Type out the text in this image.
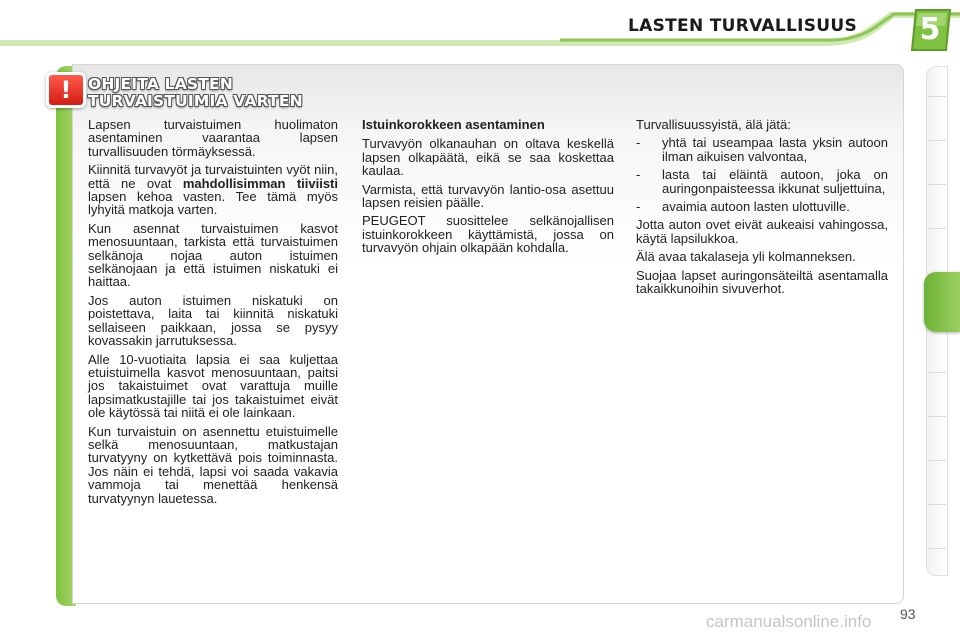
LASTEN TURVALLISUUS 5
!	OHJEITA LASTEN
TURVAISTUIMIA VARTEN

Lapsen turvaistuimen huolimaton asentaminen vaarantaa lapsen turvallisuuden törmäyksessä.

Kiinnitä turvavyöt ja turvaistuinten vyöt niin, että ne ovat mahdollisimman tiiviisti lapsen kehoa vasten. Tee tämä myös lyhyitä matkoja varten.

Kun asennat turvaistuimen kasvot menosuuntaan, tarkista että turvaistuimen selkänoja nojaa auton istuimen selkänojaan ja että istuimen niskatuki ei haittaa.

Jos auton istuimen niskatuki on poistettava, laita tai kiinnitä niskatuki sellaiseen paikkaan, jossa se pysyy kovassakin jarrutuksessa.

Alle 10-vuotiaita lapsia ei saa kuljettaa etuistuimella kasvot menosuuntaan, paitsi jos takaistuimet ovat varattuja muille lapsimatkustajille tai jos takaistuimet eivät ole käytössä tai niitä ei ole lainkaan.

Kun turvaistuin on asennettu etuistuimelle selkä menosuuntaan, matkustajan turvatyyny on kytkettävä pois toiminnasta. Jos näin ei tehdä, lapsi voi saada vakavia vammoja tai menettää henkensä turvatyynyn lauetessa.

Istuinkorokkeen asentaminen

Turvavyön olkanauhan on oltava keskellä lapsen olkapäätä, eikä se saa koskettaa kaulaa.

Varmista, että turvavyön lantio-osa asettuu lapsen reisien päälle.

PEUGEOT suosittelee selkänojallisen istuinkorokkeen käyttämistä, jossa on turvavyön ohjain olkapään kohdalla.

Turvallisuussyistä, älä jätä:

-	yhtä tai useampaa lasta yksin autoon ilman aikuisen valvontaa,
-	lasta tai eläintä autoon, joka on auringonpaisteessa ikkunat suljettuina,
-	avaimia autoon lasten ulottuville.

Jotta auton ovet eivät aukeaisi vahingossa, käytä lapsilukkoa.

Älä avaa takalaseja yli kolmanneksen.

Suojaa lapset auringonsäteiltä asentamalla takaikkunoihin sivuverhot.

93
carmanualsonline.info
